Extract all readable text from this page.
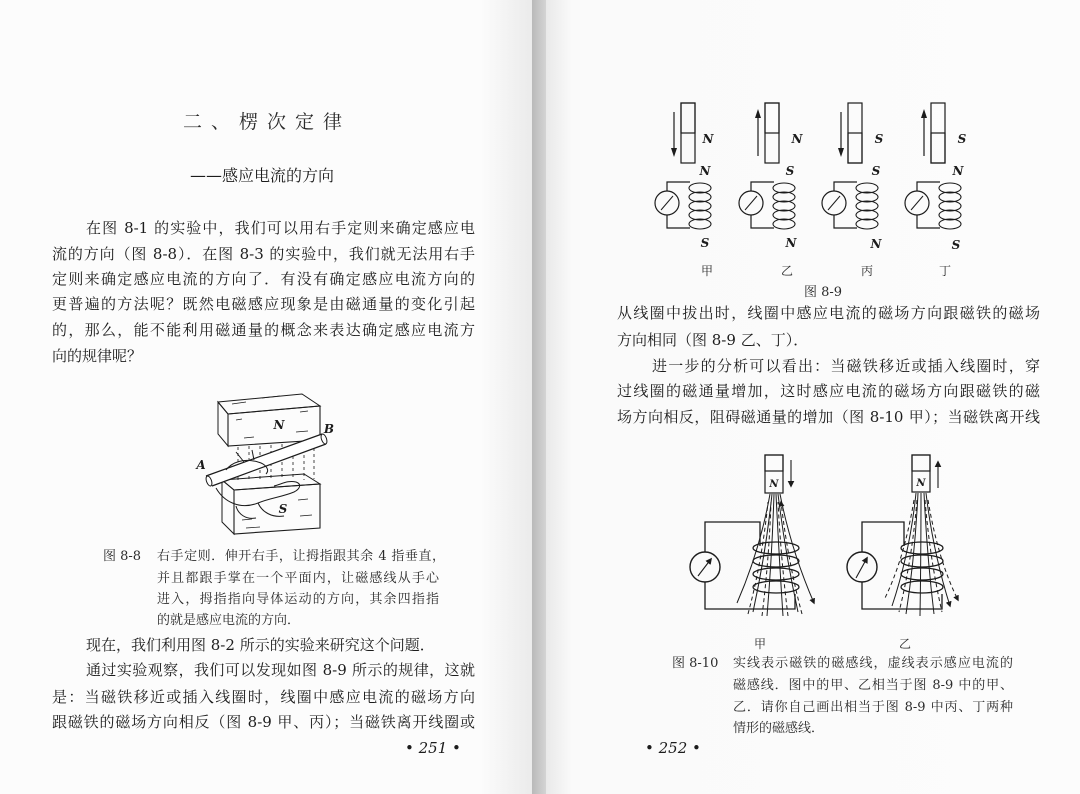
二、楞次定律
——感应电流的方向
在图 8-1 的实验中，我们可以用右手定则来确定感应电
流的方向（图 8-8）．在图 8-3 的实验中，我们就无法用右手
定则来确定感应电流的方向了．有没有确定感应电流方向的
更普遍的方法呢？既然电磁感应现象是由磁通量的变化引起
的，那么，能不能利用磁通量的概念来表达确定感应电流方
向的规律呢？
N
S
A
B
图 8-8 右手定则．伸开右手，让拇指跟其余 4 指垂直，
并且都跟手掌在一个平面内，让磁感线从手心
进入，拇指指向导体运动的方向，其余四指指
的就是感应电流的方向．
现在，我们利用图 8-2 所示的实验来研究这个问题．
通过实验观察，我们可以发现如图 8-9 所示的规律，这就
是：当磁铁移近或插入线圈时，线圈中感应电流的磁场方向
跟磁铁的磁场方向相反（图 8-9 甲、丙）；当磁铁离开线圈或
• 251 •
N
N
S
甲
N
S
N
乙
S
S
N
丙
S
N
S
丁
图 8-9
从线圈中拔出时，线圈中感应电流的磁场方向跟磁铁的磁场
方向相同（图 8-9 乙、丁）．
进一步的分析可以看出：当磁铁移近或插入线圈时，穿
过线圈的磁通量增加，这时感应电流的磁场方向跟磁铁的磁
场方向相反，阻碍磁通量的增加（图 8-10 甲）；当磁铁离开线
N
甲
N
乙
图 8-10 实线表示磁铁的磁感线，虚线表示感应电流的
磁感线．图中的甲、乙相当于图 8-9 中的甲、
乙．请你自己画出相当于图 8-9 中丙、丁两种
情形的磁感线．
• 252 •
